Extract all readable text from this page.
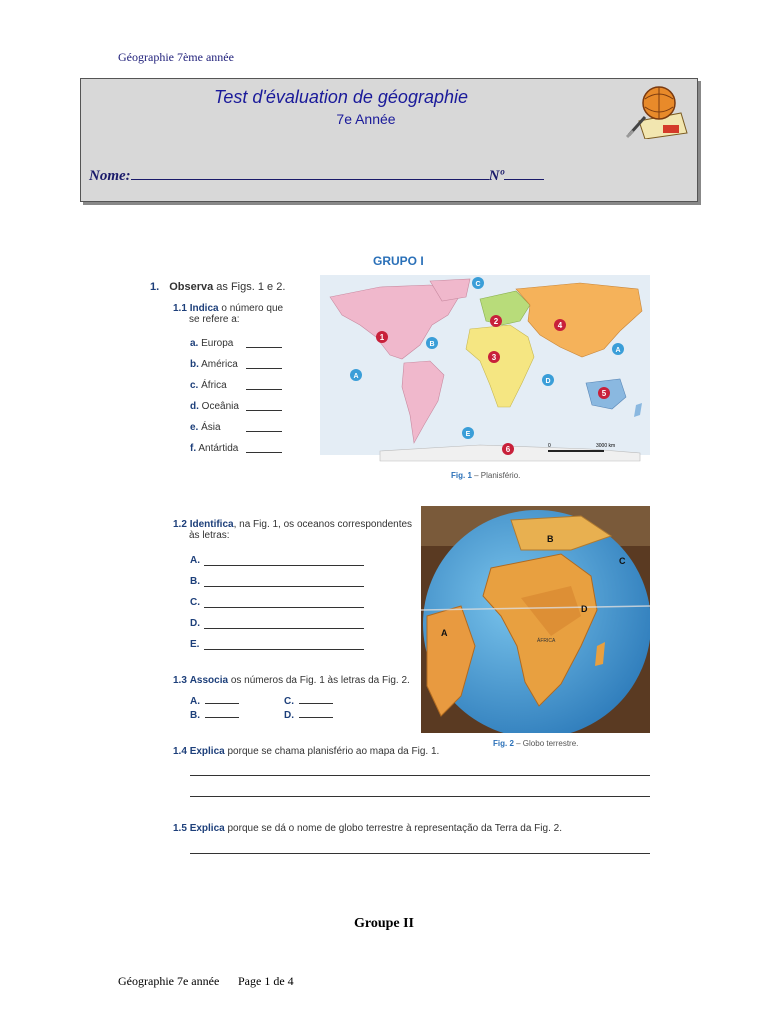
Géographie 7ème année
Test d'évaluation de géographie
7e Année
Nome:	Nº
GRUPO I
1. Observa as Figs. 1 e 2.
1.1 Indica o número que
se refere a:
a. Europa
b. América
c. África
d. Oceânia
e. Ásia
f. Antártida
1
2
3
4
5
6
A
B
C
D
E
A
0	3000 km
Fig. 1 – Planisfério.
1.2 Identifica, na Fig. 1, os oceanos correspondentes
às letras:
A.
B.
C.
D.
E.
B
C
D
A
ÁFRICA
Fig. 2 – Globo terrestre.
1.3 Associa os números da Fig. 1 às letras da Fig. 2.
A.	C.
B.	D.
1.4 Explica porque se chama planisfério ao mapa da Fig. 1.
1.5 Explica porque se dá o nome de globo terrestre à representação da Terra da Fig. 2.
Groupe II
Géographie 7e année Page 1 de 4
